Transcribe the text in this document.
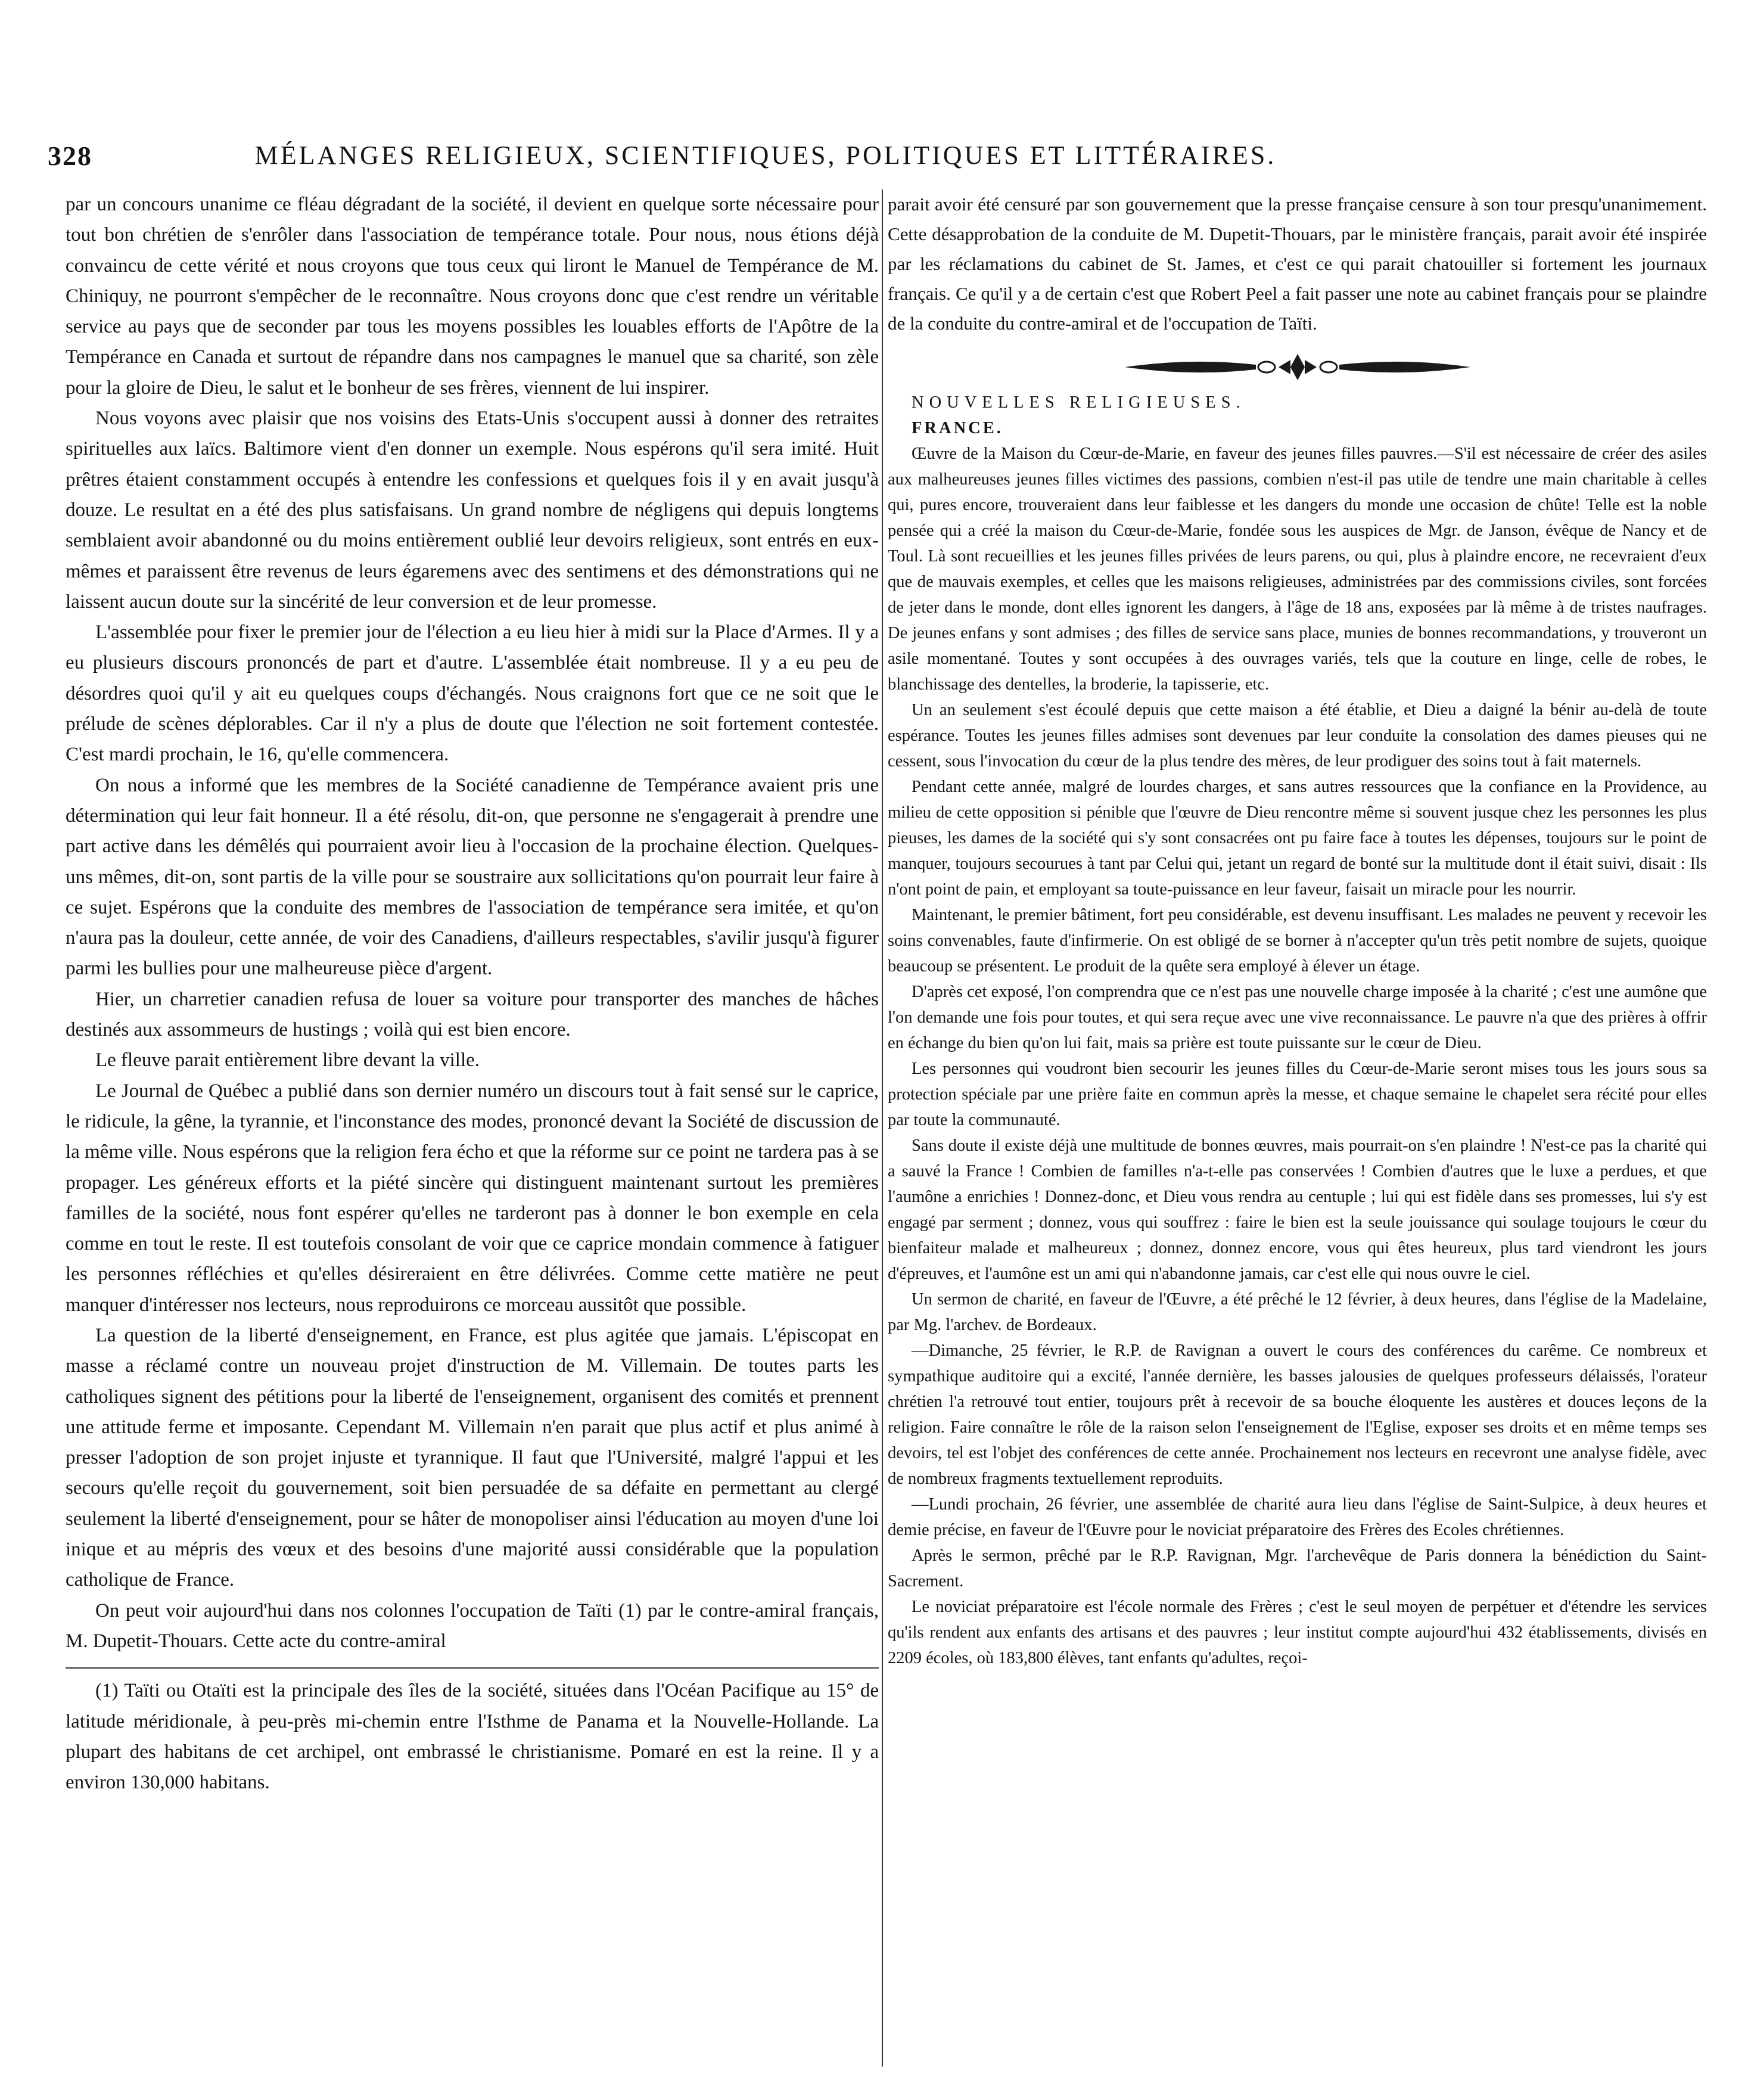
328	MÉLANGES RELIGIEUX, SCIENTIFIQUES, POLITIQUES ET LITTÉRAIRES.

par un concours unanime ce fléau dégradant de la société, il devient en quelque sorte nécessaire pour tout bon chrétien de s'enrôler dans l'association de tempérance totale. Pour nous, nous étions déjà convaincu de cette vérité et nous croyons que tous ceux qui liront le Manuel de Tempérance de M. Chiniquy, ne pourront s'empêcher de le reconnaître. Nous croyons donc que c'est rendre un véritable service au pays que de seconder par tous les moyens possibles les louables efforts de l'Apôtre de la Tempérance en Canada et surtout de répandre dans nos campagnes le manuel que sa charité, son zèle pour la gloire de Dieu, le salut et le bonheur de ses frères, viennent de lui inspirer.

Nous voyons avec plaisir que nos voisins des Etats-Unis s'occupent aussi à donner des retraites spirituelles aux laïcs. Baltimore vient d'en donner un exemple. Nous espérons qu'il sera imité. Huit prêtres étaient constamment occupés à entendre les confessions et quelques fois il y en avait jusqu'à douze. Le resultat en a été des plus satisfaisans. Un grand nombre de négligens qui depuis longtems semblaient avoir abandonné ou du moins entièrement oublié leur devoirs religieux, sont entrés en eux-mêmes et paraissent être revenus de leurs égaremens avec des sentimens et des démonstrations qui ne laissent aucun doute sur la sincérité de leur conversion et de leur promesse.

L'assemblée pour fixer le premier jour de l'élection a eu lieu hier à midi sur la Place d'Armes. Il y a eu plusieurs discours prononcés de part et d'autre. L'assemblée était nombreuse. Il y a eu peu de désordres quoi qu'il y ait eu quelques coups d'échangés. Nous craignons fort que ce ne soit que le prélude de scènes déplorables. Car il n'y a plus de doute que l'élection ne soit fortement contestée. C'est mardi prochain, le 16, qu'elle commencera.

On nous a informé que les membres de la Société canadienne de Tempérance avaient pris une détermination qui leur fait honneur. Il a été résolu, dit-on, que personne ne s'engagerait à prendre une part active dans les démêlés qui pourraient avoir lieu à l'occasion de la prochaine élection. Quelques-uns mêmes, dit-on, sont partis de la ville pour se soustraire aux sollicitations qu'on pourrait leur faire à ce sujet. Espérons que la conduite des membres de l'association de tempérance sera imitée, et qu'on n'aura pas la douleur, cette année, de voir des Canadiens, d'ailleurs respectables, s'avilir jusqu'à figurer parmi les bullies pour une malheureuse pièce d'argent.

Hier, un charretier canadien refusa de louer sa voiture pour transporter des manches de hâches destinés aux assommeurs de hustings ; voilà qui est bien encore.

Le fleuve parait entièrement libre devant la ville.

Le Journal de Québec a publié dans son dernier numéro un discours tout à fait sensé sur le caprice, le ridicule, la gêne, la tyrannie, et l'inconstance des modes, prononcé devant la Société de discussion de la même ville. Nous espérons que la religion fera écho et que la réforme sur ce point ne tardera pas à se propager. Les généreux efforts et la piété sincère qui distinguent maintenant surtout les premières familles de la société, nous font espérer qu'elles ne tarderont pas à donner le bon exemple en cela comme en tout le reste. Il est toutefois consolant de voir que ce caprice mondain commence à fatiguer les personnes réfléchies et qu'elles désireraient en être délivrées. Comme cette matière ne peut manquer d'intéresser nos lecteurs, nous reproduirons ce morceau aussitôt que possible.

La question de la liberté d'enseignement, en France, est plus agitée que jamais. L'épiscopat en masse a réclamé contre un nouveau projet d'instruction de M. Villemain. De toutes parts les catholiques signent des pétitions pour la liberté de l'enseignement, organisent des comités et prennent une attitude ferme et imposante. Cependant M. Villemain n'en parait que plus actif et plus animé à presser l'adoption de son projet injuste et tyrannique. Il faut que l'Université, malgré l'appui et les secours qu'elle reçoit du gouvernement, soit bien persuadée de sa défaite en permettant au clergé seulement la liberté d'enseignement, pour se hâter de monopoliser ainsi l'éducation au moyen d'une loi inique et au mépris des vœux et des besoins d'une majorité aussi considérable que la population catholique de France.

On peut voir aujourd'hui dans nos colonnes l'occupation de Taïti (1) par le contre-amiral français, M. Dupetit-Thouars. Cette acte du contre-amiral

(1) Taïti ou Otaïti est la principale des îles de la société, situées dans l'Océan Pacifique au 15° de latitude méridionale, à peu-près mi-chemin entre l'Isthme de Panama et la Nouvelle-Hollande. La plupart des habitans de cet archipel, ont embrassé le christianisme. Pomaré en est la reine. Il y a environ 130,000 habitans.

parait avoir été censuré par son gouvernement que la presse française censure à son tour presqu'unanimement. Cette désapprobation de la conduite de M. Dupetit-Thouars, par le ministère français, parait avoir été inspirée par les réclamations du cabinet de St. James, et c'est ce qui parait chatouiller si fortement les journaux français. Ce qu'il y a de certain c'est que Robert Peel a fait passer une note au cabinet français pour se plaindre de la conduite du contre-amiral et de l'occupation de Taïti.

NOUVELLES RELIGIEUSES.

FRANCE.

Œuvre de la Maison du Cœur-de-Marie, en faveur des jeunes filles pauvres.—S'il est nécessaire de créer des asiles aux malheureuses jeunes filles victimes des passions, combien n'est-il pas utile de tendre une main charitable à celles qui, pures encore, trouveraient dans leur faiblesse et les dangers du monde une occasion de chûte! Telle est la noble pensée qui a créé la maison du Cœur-de-Marie, fondée sous les auspices de Mgr. de Janson, évêque de Nancy et de Toul. Là sont recueillies et les jeunes filles privées de leurs parens, ou qui, plus à plaindre encore, ne recevraient d'eux que de mauvais exemples, et celles que les maisons religieuses, administrées par des commissions civiles, sont forcées de jeter dans le monde, dont elles ignorent les dangers, à l'âge de 18 ans, exposées par là même à de tristes naufrages. De jeunes enfans y sont admises ; des filles de service sans place, munies de bonnes recommandations, y trouveront un asile momentané. Toutes y sont occupées à des ouvrages variés, tels que la couture en linge, celle de robes, le blanchissage des dentelles, la broderie, la tapisserie, etc.

Un an seulement s'est écoulé depuis que cette maison a été établie, et Dieu a daigné la bénir au-delà de toute espérance. Toutes les jeunes filles admises sont devenues par leur conduite la consolation des dames pieuses qui ne cessent, sous l'invocation du cœur de la plus tendre des mères, de leur prodiguer des soins tout à fait maternels.

Pendant cette année, malgré de lourdes charges, et sans autres ressources que la confiance en la Providence, au milieu de cette opposition si pénible que l'œuvre de Dieu rencontre même si souvent jusque chez les personnes les plus pieuses, les dames de la société qui s'y sont consacrées ont pu faire face à toutes les dépenses, toujours sur le point de manquer, toujours secourues à tant par Celui qui, jetant un regard de bonté sur la multitude dont il était suivi, disait : Ils n'ont point de pain, et employant sa toute-puissance en leur faveur, faisait un miracle pour les nourrir.

Maintenant, le premier bâtiment, fort peu considérable, est devenu insuffisant. Les malades ne peuvent y recevoir les soins convenables, faute d'infirmerie. On est obligé de se borner à n'accepter qu'un très petit nombre de sujets, quoique beaucoup se présentent. Le produit de la quête sera employé à élever un étage.

D'après cet exposé, l'on comprendra que ce n'est pas une nouvelle charge imposée à la charité ; c'est une aumône que l'on demande une fois pour toutes, et qui sera reçue avec une vive reconnaissance. Le pauvre n'a que des prières à offrir en échange du bien qu'on lui fait, mais sa prière est toute puissante sur le cœur de Dieu.

Les personnes qui voudront bien secourir les jeunes filles du Cœur-de-Marie seront mises tous les jours sous sa protection spéciale par une prière faite en commun après la messe, et chaque semaine le chapelet sera récité pour elles par toute la communauté.

Sans doute il existe déjà une multitude de bonnes œuvres, mais pourrait-on s'en plaindre ! N'est-ce pas la charité qui a sauvé la France ! Combien de familles n'a-t-elle pas conservées ! Combien d'autres que le luxe a perdues, et que l'aumône a enrichies ! Donnez-donc, et Dieu vous rendra au centuple ; lui qui est fidèle dans ses promesses, lui s'y est engagé par serment ; donnez, vous qui souffrez : faire le bien est la seule jouissance qui soulage toujours le cœur du bienfaiteur malade et malheureux ; donnez, donnez encore, vous qui êtes heureux, plus tard viendront les jours d'épreuves, et l'aumône est un ami qui n'abandonne jamais, car c'est elle qui nous ouvre le ciel.

Un sermon de charité, en faveur de l'Œuvre, a été prêché le 12 février, à deux heures, dans l'église de la Madelaine, par Mg. l'archev. de Bordeaux.

—Dimanche, 25 février, le R.P. de Ravignan a ouvert le cours des conférences du carême. Ce nombreux et sympathique auditoire qui a excité, l'année dernière, les basses jalousies de quelques professeurs délaissés, l'orateur chrétien l'a retrouvé tout entier, toujours prêt à recevoir de sa bouche éloquente les austères et douces leçons de la religion. Faire connaître le rôle de la raison selon l'enseignement de l'Eglise, exposer ses droits et en même temps ses devoirs, tel est l'objet des conférences de cette année. Prochainement nos lecteurs en recevront une analyse fidèle, avec de nombreux fragments textuellement reproduits.

—Lundi prochain, 26 février, une assemblée de charité aura lieu dans l'église de Saint-Sulpice, à deux heures et demie précise, en faveur de l'Œuvre pour le noviciat préparatoire des Frères des Ecoles chrétiennes.

Après le sermon, prêché par le R.P. Ravignan, Mgr. l'archevêque de Paris donnera la bénédiction du Saint-Sacrement.

Le noviciat préparatoire est l'école normale des Frères ; c'est le seul moyen de perpétuer et d'étendre les services qu'ils rendent aux enfants des artisans et des pauvres ; leur institut compte aujourd'hui 432 établissements, divisés en 2209 écoles, où 183,800 élèves, tant enfants qu'adultes, reçoi-
